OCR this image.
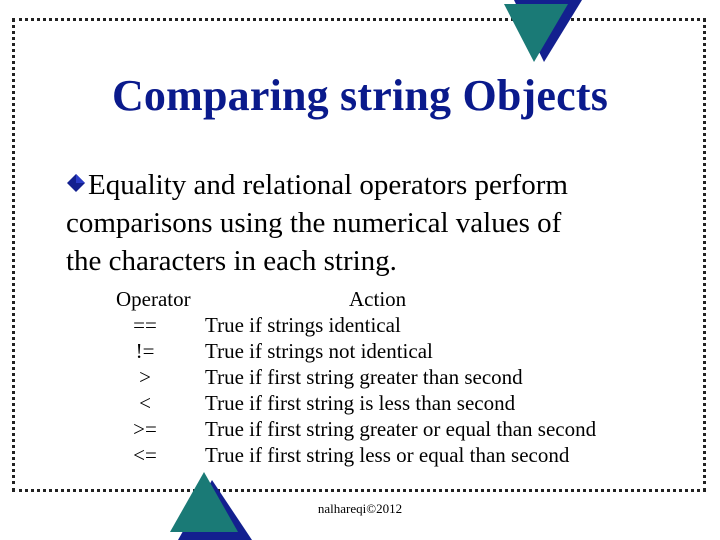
Comparing string Objects
Equality and relational operators perform
comparisons using the numerical values of
the characters in each string.
Operator	Action
==	True if strings identical
!=	True if strings not identical
>	True if first string greater than second
<	True if first string is less than second
>=	True if first string greater or equal than second
<=	True if first string less or equal than second
nalhareqi©2012
